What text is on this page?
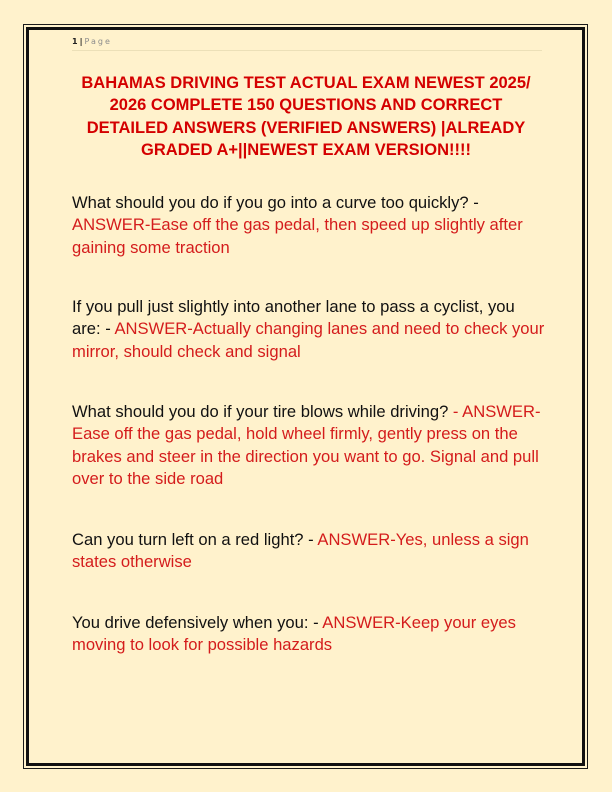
1 | Page
BAHAMAS DRIVING TEST ACTUAL EXAM NEWEST 2025/ 2026 COMPLETE 150 QUESTIONS AND CORRECT DETAILED ANSWERS (VERIFIED ANSWERS) |ALREADY GRADED A+||NEWEST EXAM VERSION!!!!

What should you do if you go into a curve too quickly? - ANSWER-Ease off the gas pedal, then speed up slightly after gaining some traction

If you pull just slightly into another lane to pass a cyclist, you are: - ANSWER-Actually changing lanes and need to check your mirror, should check and signal

What should you do if your tire blows while driving? - ANSWER-Ease off the gas pedal, hold wheel firmly, gently press on the brakes and steer in the direction you want to go. Signal and pull over to the side road

Can you turn left on a red light? - ANSWER-Yes, unless a sign states otherwise

You drive defensively when you: - ANSWER-Keep your eyes moving to look for possible hazards
